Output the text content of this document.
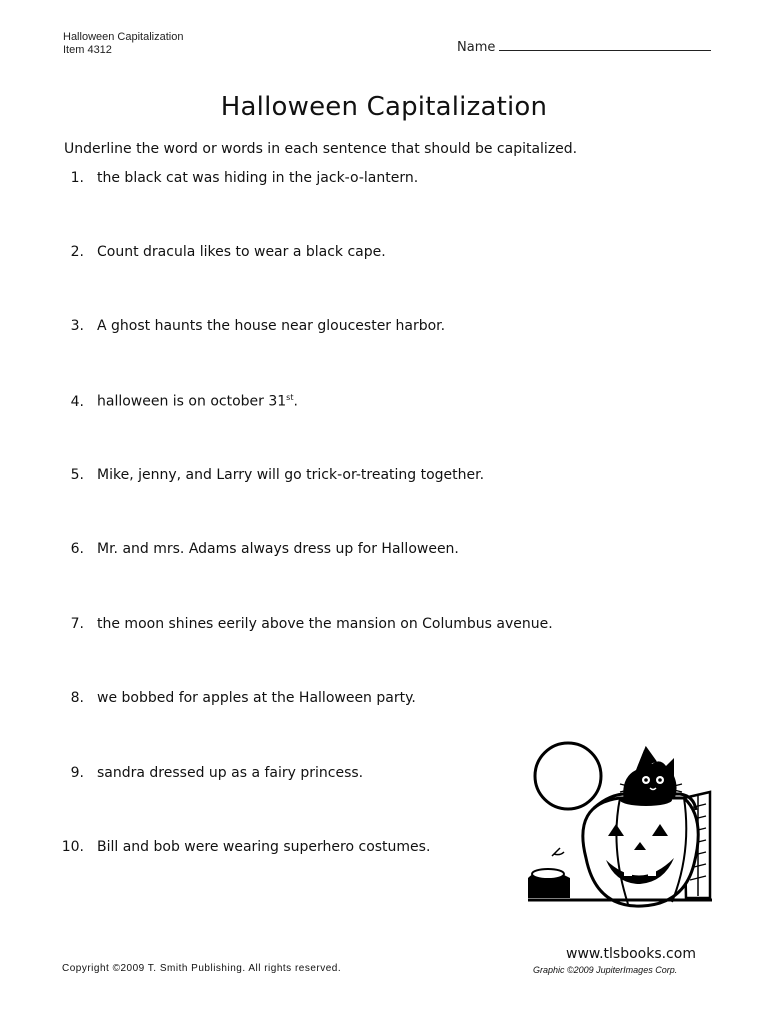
Halloween Capitalization
Item 4312	Name
Halloween Capitalization
Underline the word or words in each sentence that should be capitalized.
1. the black cat was hiding in the jack-o-lantern.
2. Count dracula likes to wear a black cape.
3. A ghost haunts the house near gloucester harbor.
4. halloween is on october 31st.
5. Mike, jenny, and Larry will go trick-or-treating together.
6. Mr. and mrs. Adams always dress up for Halloween.
7. the moon shines eerily above the mansion on Columbus avenue.
8. we bobbed for apples at the Halloween party.
9. sandra dressed up as a fairy princess.
10. Bill and bob were wearing superhero costumes.
www.tlsbooks.com
Copyright ©2009 T. Smith Publishing. All rights reserved.	Graphic ©2009 JupiterImages Corp.
